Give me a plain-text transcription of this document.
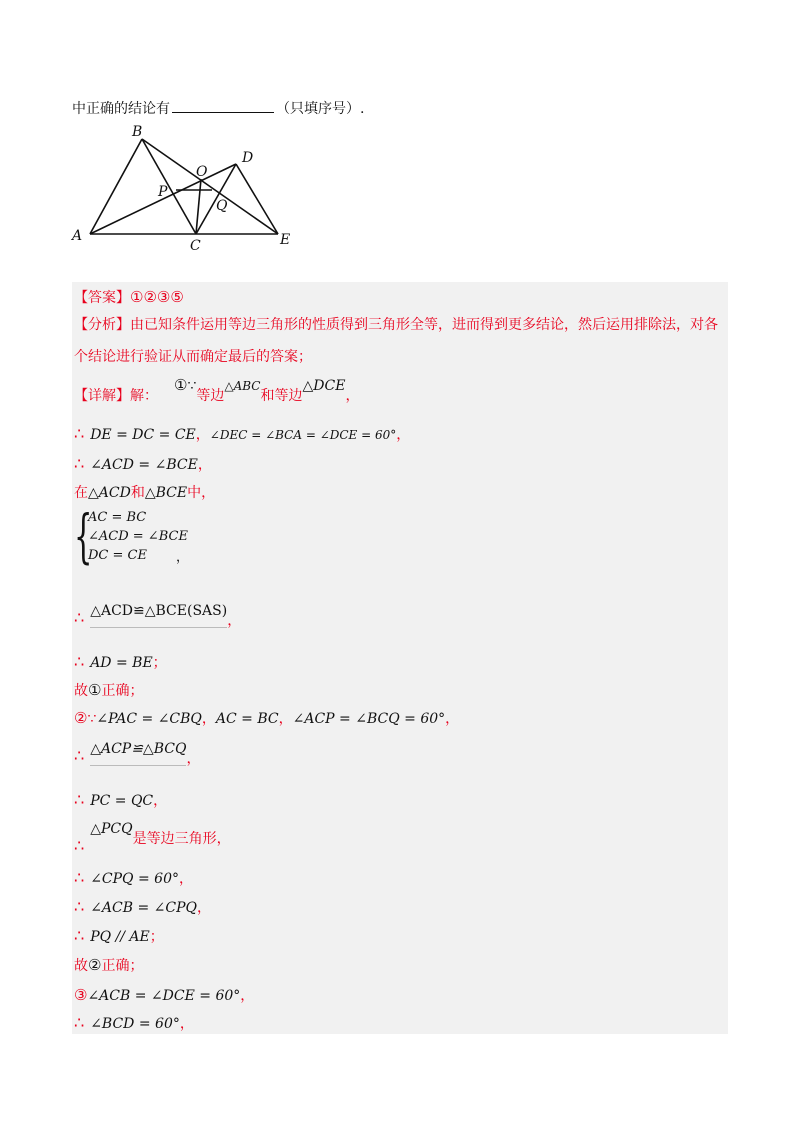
中正确的结论有	（只填序号）.
A
B
C
D
E
O
P
Q
【答案】 ①②③⑤
【分析】 由已知条件运用等边三角形的性质得到三角形全等，进而得到更多结论，然后运用排除法，对各
个结论进行验证从而确定最后的答案；
【详解】 解：
① ∵
等边
△ABC
和等边
△DCE
，
∴ DE = DC = CE ， ∠DEC = ∠BCA = ∠DCE = 60° ，
∴ ∠ACD = ∠BCE ，
在 △ACD 和 △BCE 中，
{
AC = BC
∠ACD = ∠BCE
DC = CE	，
∴ △ACD≌△BCE(SAS)
，
∴ AD = BE ；
故 ① 正确；
② ∵ ∠PAC = ∠CBQ ， AC = BC ， ∠ACP = ∠BCQ = 60° ，
∴ △ACP≌△BCQ
，
∴ PC = QC ，
∴
△PCQ
是等边三角形，
∴ ∠CPQ = 60° ，
∴ ∠ACB = ∠CPQ ，
∴ PQ // AE ；
故 ② 正确；
③ ∠ACB = ∠DCE = 60° ，
∴ ∠BCD = 60° ，
